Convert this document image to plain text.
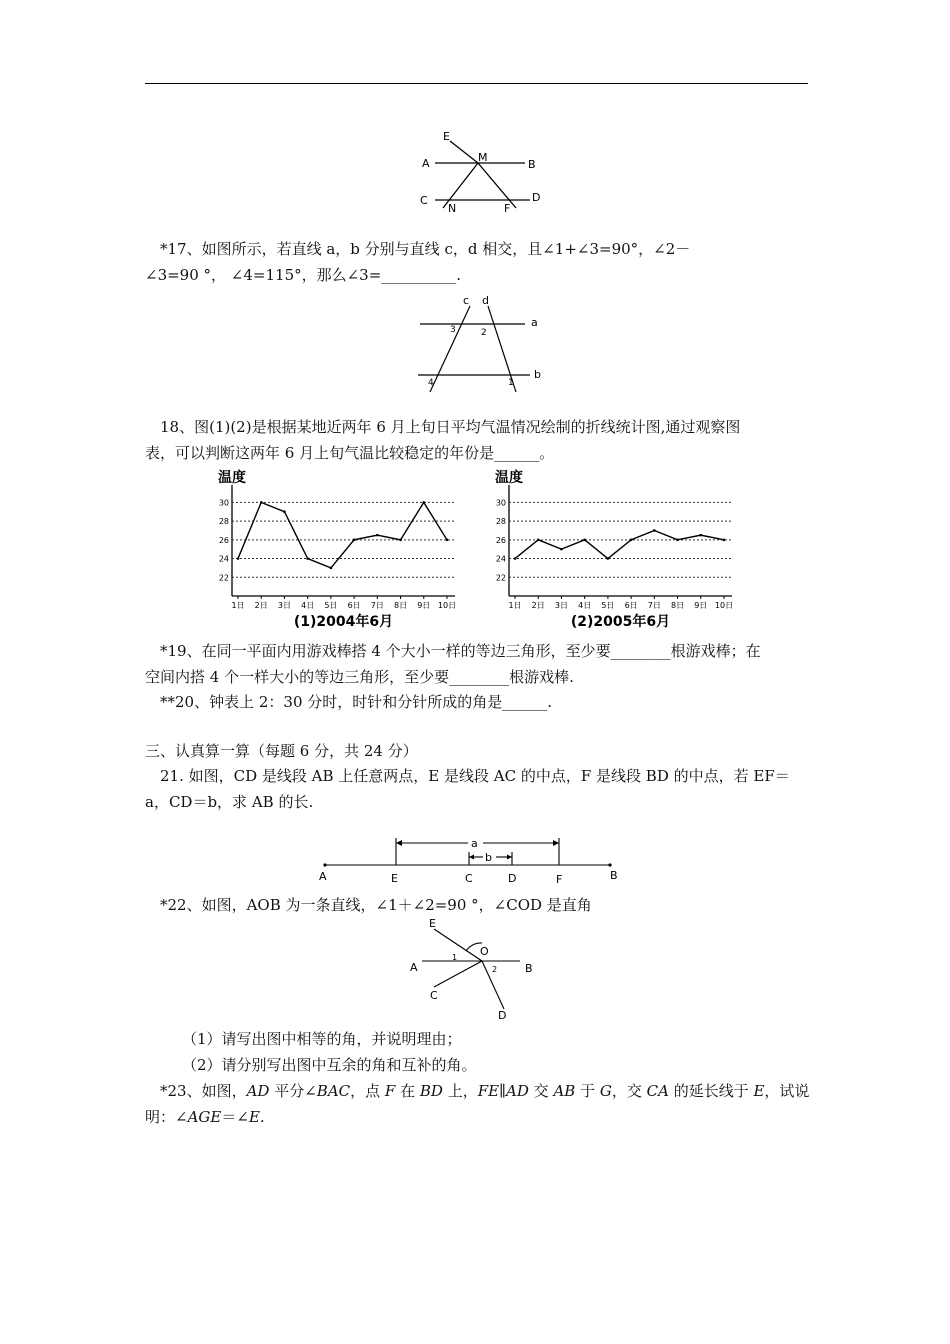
E
A	M
B
C
N	F
D
*17、如图所示，若直线 a，b 分别与直线 c，d 相交，且∠1+∠3=90°，∠2－
∠3=90 °， ∠4=115°，那么∠3=__________.
c d
a
b
1
2
3
4
18、图(1)(2)是根据某地近两年 6 月上旬日平均气温情况绘制的折线统计图,通过观察图
表，可以判断这两年 6 月上旬气温比较稳定的年份是______。
温度
30
28
26
24
22
1日 2日 3日 4日 5日 6日 7日 8日 9日 10日
(1)2004年6月
温度
30
28
26
24
22
1日 2日 3日 4日 5日 6日 7日 8日 9日 10日
(2)2005年6月
*19、在同一平面内用游戏棒搭 4 个大小一样的等边三角形，至少要________根游戏棒；在
空间内搭 4 个一样大小的等边三角形，至少要________根游戏棒.
**20、钟表上 2：30 分时，时针和分针所成的角是______.
三、认真算一算（每题 6 分，共 24 分）
21. 如图，CD 是线段 AB 上任意两点，E 是线段 AC 的中点，F 是线段 BD 的中点，若 EF＝
a，CD＝b，求 AB 的长.
a
b
A	E	C	D	F	B
*22、如图，AOB 为一条直线，∠1＋∠2=90 °，∠COD 是直角
E
O
A	B
C
D
1
2
（1）请写出图中相等的角，并说明理由；
（2）请分别写出图中互余的角和互补的角。
*23、如图，AD 平分∠BAC，点 F 在 BD 上，FE∥AD 交 AB 于 G，交 CA 的延长线于 E，试说
明：∠AGE＝∠E.
